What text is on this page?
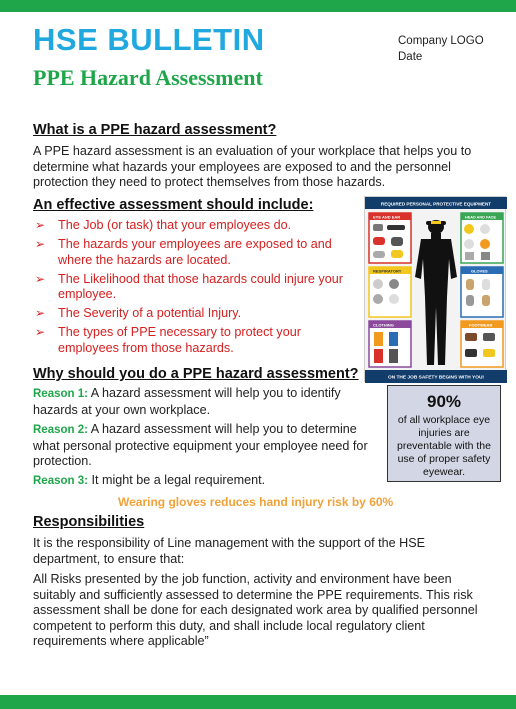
HSE BULLETIN
PPE Hazard Assessment
Company LOGO
Date
What is a PPE hazard assessment?
A PPE hazard assessment is an evaluation of your workplace that helps you to determine what hazards your employees are exposed to and the personnel protection they need to protect themselves from those hazards.
An effective assessment should include:
➢ The Job (or task) that your employees do.
➢ The hazards your employees are exposed to and where the hazards are located.
➢ The Likelihood that those hazards could injure your employee.
➢ The Severity of a potential Injury.
➢ The types of PPE necessary to protect your employees from those hazards.
REQUIRED PERSONAL PROTECTIVE EQUIPMENT
EYE AND EAR
RESPIRATORY
CLOTHING
HEAD AND FACE
GLOVES
FOOTWEAR
ON THE JOB SAFETY BEGINS WITH YOU!
Why should you do a PPE hazard assessment?
Reason 1: A hazard assessment will help you to identify hazards at your own workplace.
Reason 2: A hazard assessment will help you to determine what personal protective equipment your employee need for protection.
Reason 3: It might be a legal requirement.
90%
of all workplace eye injuries are preventable with the use of proper safety eyewear.
Wearing gloves reduces hand injury risk by 60%
Responsibilities
It is the responsibility of Line management with the support of the HSE department, to ensure that:
All Risks presented by the job function, activity and environment have been suitably and sufficiently assessed to determine the PPE requirements. This risk assessment shall be done for each designated work area by qualified personnel competent to perform this duty, and shall include local regulatory client requirements where applicable”
